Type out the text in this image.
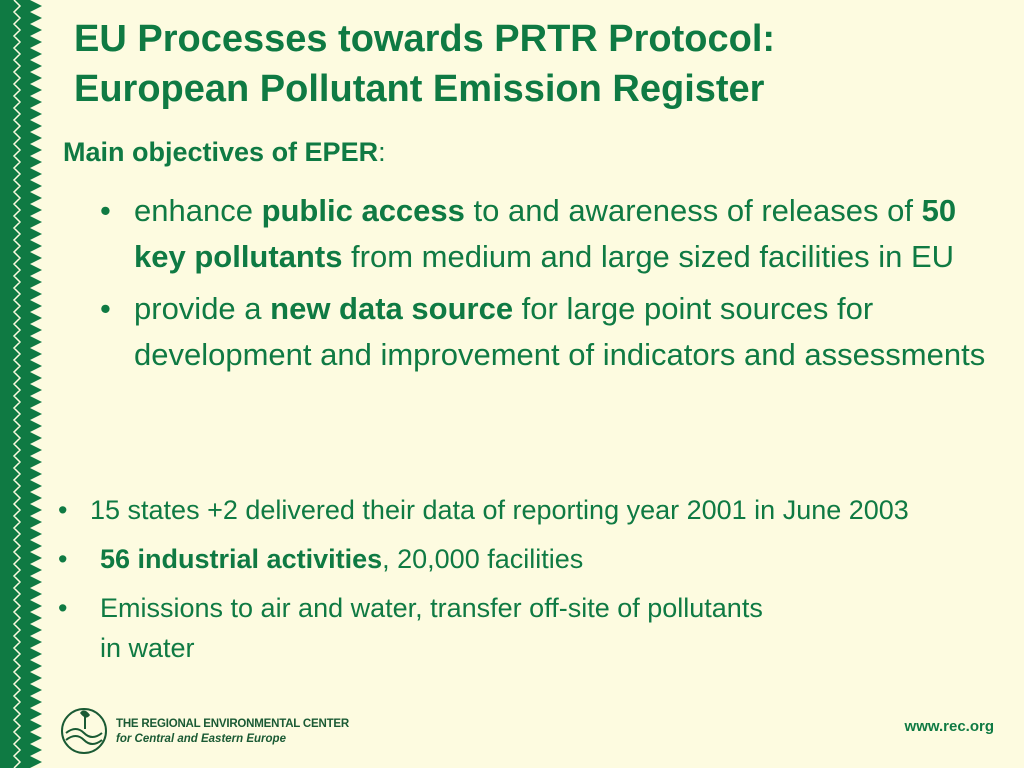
EU Processes towards PRTR Protocol:
European Pollutant Emission Register
Main objectives of EPER:
• enhance public access to and awareness of releases of 50 key pollutants from medium and large sized facilities in EU
• provide a new data source for large point sources for development and improvement of indicators and assessments
• 15 states +2 delivered their data of reporting year 2001 in June 2003
• 56 industrial activities, 20,000 facilities
• Emissions to air and water, transfer off-site of pollutants
in water
THE REGIONAL ENVIRONMENTAL CENTER
for Central and Eastern Europe
www.rec.org
